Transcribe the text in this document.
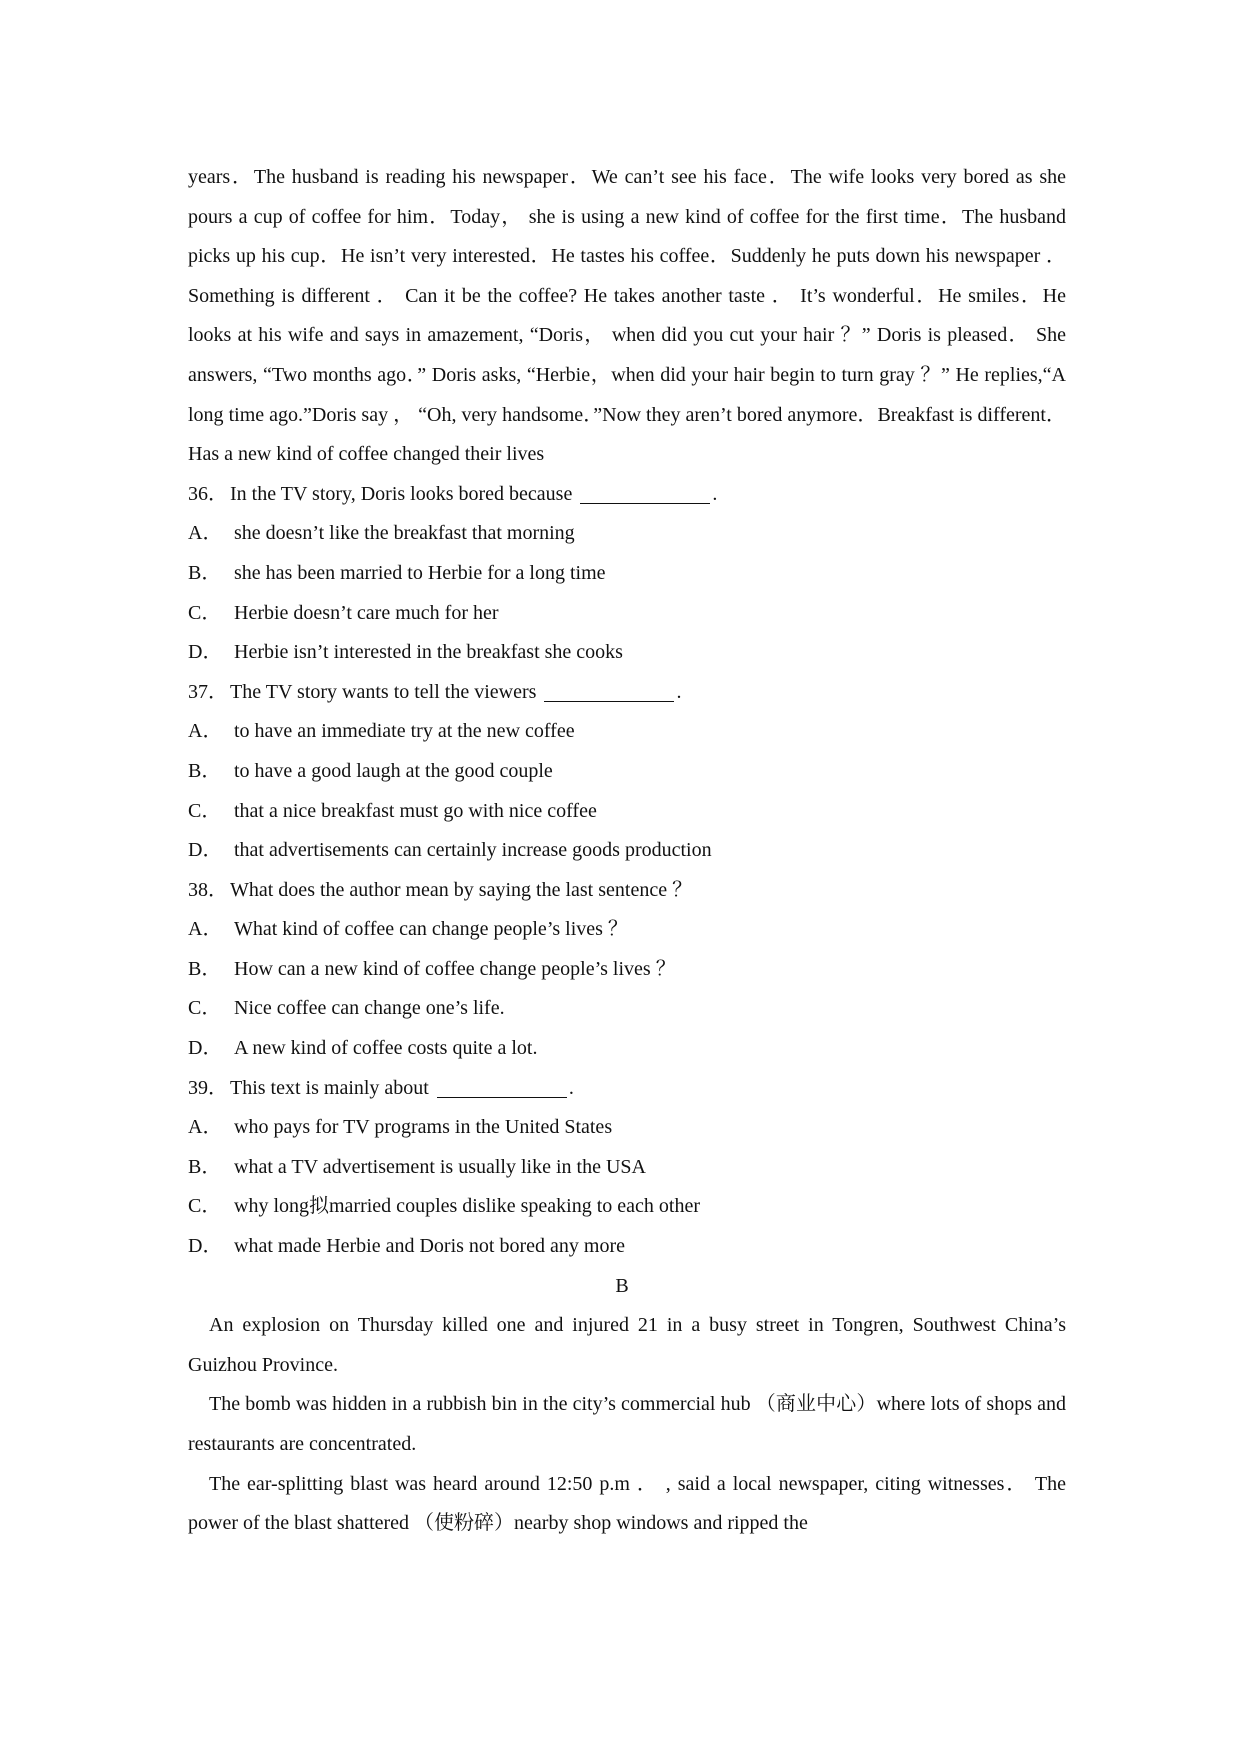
years．The husband is reading his newspaper．We can’t see his face．The wife looks very bored as she pours a cup of coffee for him．Today， she is using a new kind of coffee for the first time．The husband picks up his cup．He isn’t very interested．He tastes his coffee．Suddenly he puts down his newspaper ． Something is different ． Can it be the coffee? He takes another taste ． It’s wonderful．He smiles．He looks at his wife and says in amazement, “Doris， when did you cut your hair ？” Doris is pleased． She answers, “Two months ago．” Doris asks, “Herbie，when did your hair begin to turn gray ？” He replies,“A long time ago.”Doris say ， “Oh, very handsome．”Now they aren’t bored anymore．Breakfast is different．Has a new kind of coffee changed their lives

36． In the TV story, Doris looks bored because	.

A． she doesn’t like the breakfast that morning

B． she has been married to Herbie for a long time

C． Herbie doesn’t care much for her

D． Herbie isn’t interested in the breakfast she cooks

37． The TV story wants to tell the viewers	.

A． to have an immediate try at the new coffee

B． to have a good laugh at the good couple

C． that a nice breakfast must go with nice coffee

D． that advertisements can certainly increase goods production

38． What does the author mean by saying the last sentence ？

A． What kind of coffee can change people’s lives ？

B． How can a new kind of coffee change people’s lives ？

C． Nice coffee can change one’s life.

D． A new kind of coffee costs quite a lot.

39． This text is mainly about	.

A． who pays for TV programs in the United States

B． what a TV advertisement is usually like in the USA

C． why long拟married couples dislike speaking to each other

D． what made Herbie and Doris not bored any more

B

An explosion on Thursday killed one and injured 21 in a busy street in Tongren, Southwest China’s Guizhou Province.

The bomb was hidden in a rubbish bin in the city’s commercial hub （商业中心）where lots of shops and restaurants are concentrated.

The ear-splitting blast was heard around 12:50 p.m ． , said a local newspaper, citing witnesses． The power of the blast shattered （使粉碎）nearby shop windows and ripped the
